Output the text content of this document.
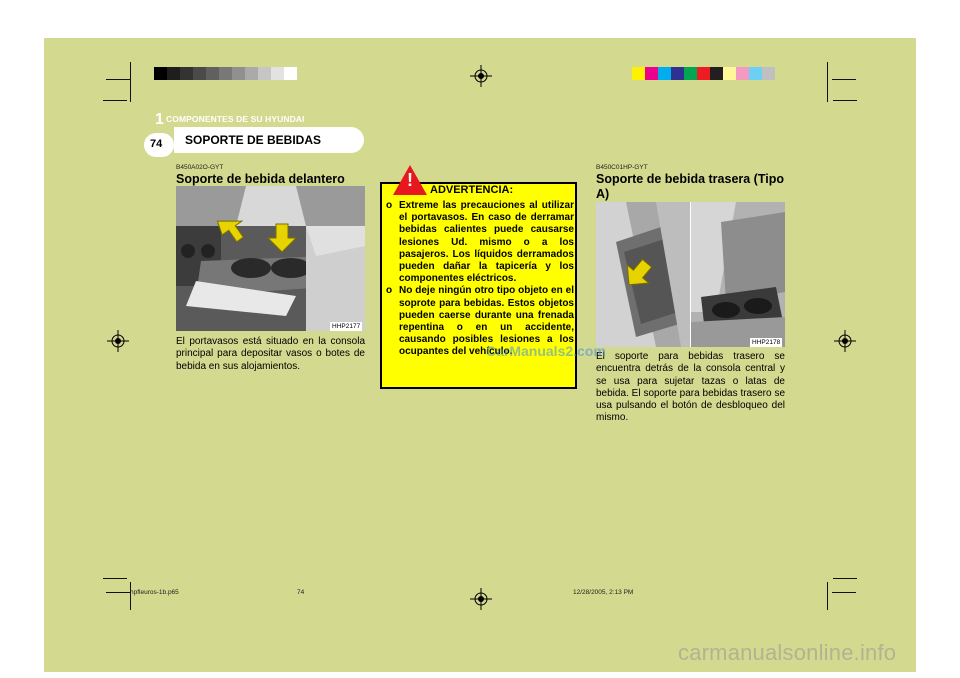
1 COMPONENTES DE SU HYUNDAI
74 SOPORTE DE BEBIDAS
B450A02O-GYT
Soporte de bebida delantero
HHP2177
El portavasos está situado en la consola principal para depositar vasos o botes de bebida en sus alojamientos.
!	ADVERTENCIA:
o Extreme las precauciones al utilizar el portavasos. En caso de derramar bebidas calientes puede causarse lesiones Ud. mismo o a los pasajeros. Los líquidos derramados pueden dañar la tapicería y los componentes eléctricos.
o No deje ningún otro tipo objeto en el soprote para bebidas. Estos objetos pueden caerse durante una frenada repentina o en un accidente, causando posibles lesiones a los ocupantes del vehículo.
B450C01HP-GYT
Soporte de bebida trasera (Tipo A)
HHP2178
El soporte para bebidas trasero se encuentra detrás de la consola central y se usa para sujetar tazas o latas de bebida. El soporte para bebidas trasero se usa pulsando el botón de desbloqueo del mismo.
CarManuals2.com
carmanualsonline.info
hpfleuros-1b.p65	74	12/28/2005, 2:13 PM
